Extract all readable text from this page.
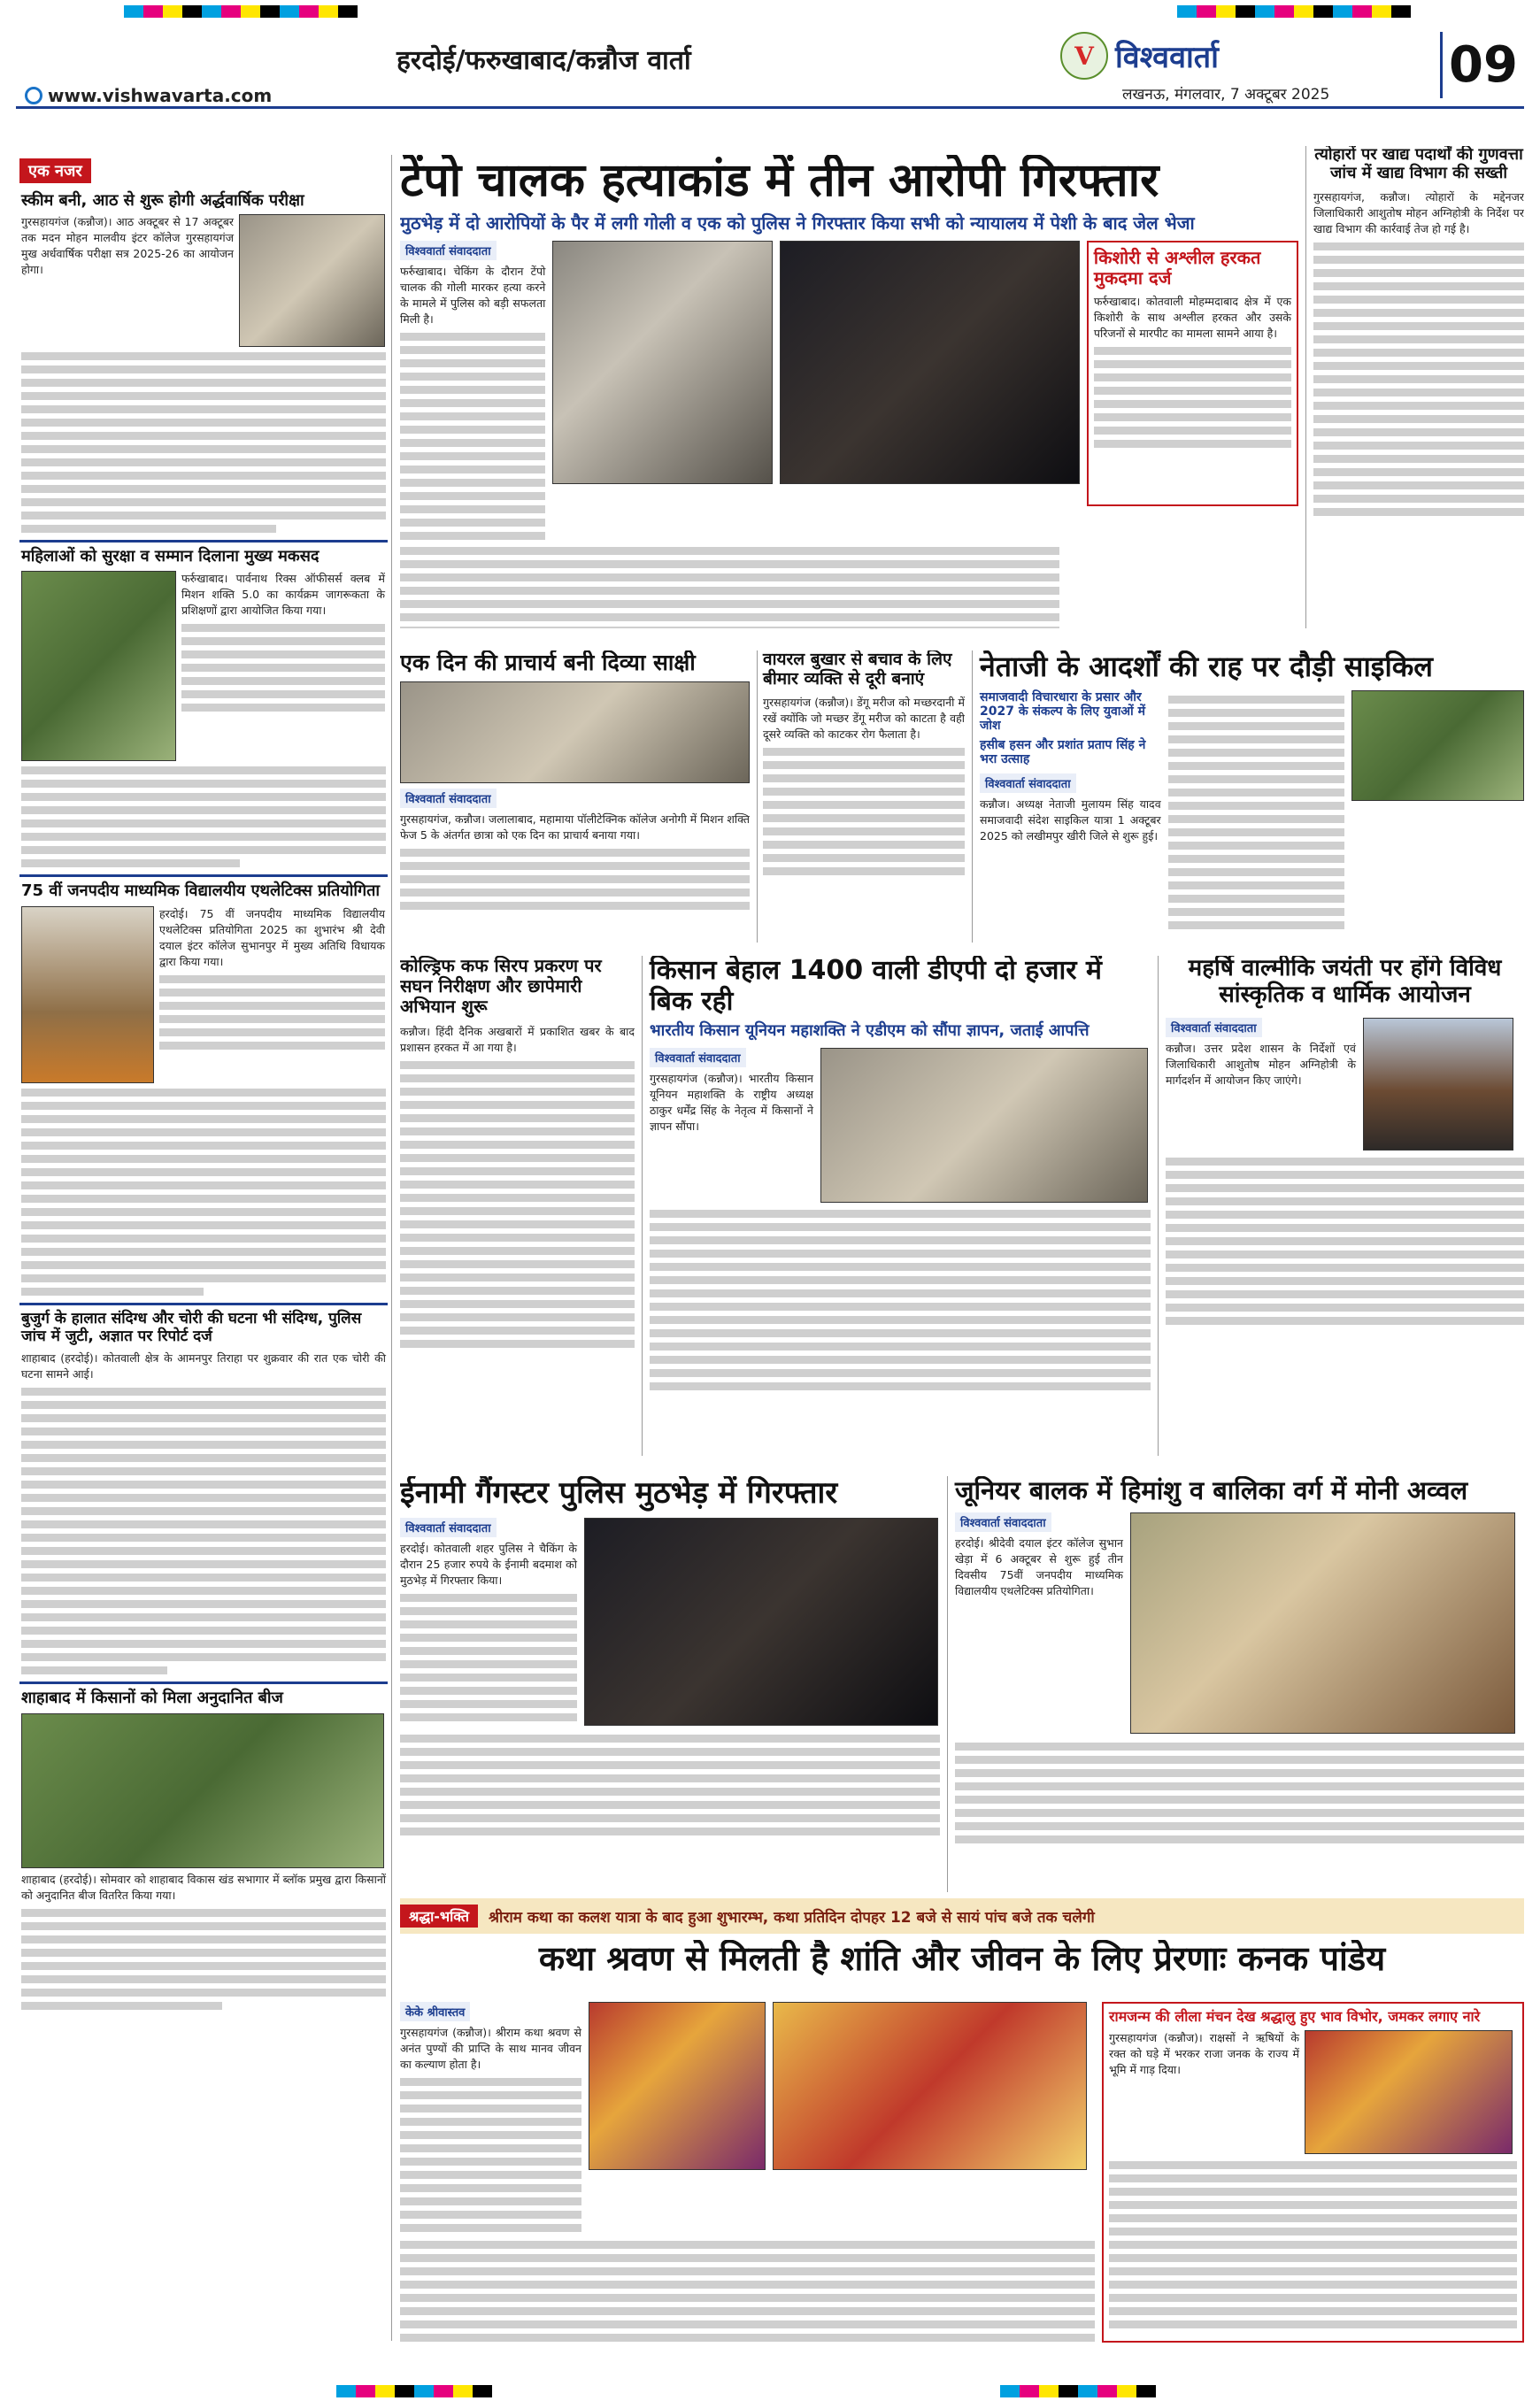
हरदोई/फरुखाबाद/कन्नौज वार्ता
www.vishwavarta.com
V विश्ववार्ता
लखनऊ, मंगलवार, 7 अक्टूबर 2025
09
एक नजर
स्कीम बनी, आठ से शुरू होगी अर्द्धवार्षिक परीक्षा
गुरसहायगंज (कन्नौज)। आठ अक्टूबर से 17 अक्टूबर तक मदन मोहन मालवीय इंटर कॉलेज गुरसहायगंज मुख अर्धवार्षिक परीक्षा सत्र 2025-26 का आयोजन होगा।
महिलाओं को सुरक्षा व सम्मान दिलाना मुख्य मकसद
फर्रुखाबाद। पार्वनाथ रिक्स ऑफीसर्स क्लब में मिशन शक्ति 5.0 का कार्यक्रम जागरूकता के प्रशिक्षणों द्वारा आयोजित किया गया।
75 वीं जनपदीय माध्यमिक विद्यालयीय एथलेटिक्स प्रतियोगिता
हरदोई। 75 वीं जनपदीय माध्यमिक विद्यालयीय एथलेटिक्स प्रतियोगिता 2025 का शुभारंभ श्री देवी दयाल इंटर कॉलेज सुभानपुर में मुख्य अतिथि विधायक द्वारा किया गया।
बुजुर्ग के हालात संदिग्ध और चोरी की घटना भी संदिग्ध, पुलिस जांच में जुटी, अज्ञात पर रिपोर्ट दर्ज
शाहाबाद (हरदोई)। कोतवाली क्षेत्र के आमनपुर तिराहा पर शुक्रवार की रात एक चोरी की घटना सामने आई।
शाहाबाद में किसानों को मिला अनुदानित बीज
शाहाबाद (हरदोई)। सोमवार को शाहाबाद विकास खंड सभागार में ब्लॉक प्रमुख द्वारा किसानों को अनुदानित बीज वितरित किया गया।
टेंपो चालक हत्याकांड में तीन आरोपी गिरफ्तार
मुठभेड़ में दो आरोपियों के पैर में लगी गोली व एक को पुलिस ने गिरफ्तार किया सभी को न्यायालय में पेशी के बाद जेल भेजा
विश्ववार्ता संवाददाता
फर्रुखाबाद। चेकिंग के दौरान टेंपो चालक की गोली मारकर हत्या करने के मामले में पुलिस को बड़ी सफलता मिली है।
किशोरी से अश्लील हरकत मुकदमा दर्ज
फर्रुखाबाद। कोतवाली मोहम्मदाबाद क्षेत्र में एक किशोरी के साथ अश्लील हरकत और उसके परिजनों से मारपीट का मामला सामने आया है।
त्योहारों पर खाद्य पदार्थों की गुणवत्ता जांच में खाद्य विभाग की सख्ती
गुरसहायगंज, कन्नौज। त्योहारों के मद्देनजर जिलाधिकारी आशुतोष मोहन अग्निहोत्री के निर्देश पर खाद्य विभाग की कार्रवाई तेज हो गई है।
एक दिन की प्राचार्य बनी दिव्या साक्षी
विश्ववार्ता संवाददाता
गुरसहायगंज, कन्नौज। जलालाबाद, महामाया पॉलीटेक्निक कॉलेज अनोगी में मिशन शक्ति फेज 5 के अंतर्गत छात्रा को एक दिन का प्राचार्य बनाया गया।
वायरल बुखार से बचाव के लिए बीमार व्यक्ति से दूरी बनाएं
गुरसहायगंज (कन्नौज)। डेंगू मरीज को मच्छरदानी में रखें क्योंकि जो मच्छर डेंगू मरीज को काटता है वही दूसरे व्यक्ति को काटकर रोग फैलाता है।
नेताजी के आदर्शों की राह पर दौड़ी साइकिल
समाजवादी विचारधारा के प्रसार और 2027 के संकल्प के लिए युवाओं में जोश
हसीब हसन और प्रशांत प्रताप सिंह ने भरा उत्साह
विश्ववार्ता संवाददाता
कन्नौज। अध्यक्ष नेताजी मुलायम सिंह यादव समाजवादी संदेश साइकिल यात्रा 1 अक्टूबर 2025 को लखीमपुर खीरी जिले से शुरू हुई।
कोल्ड्रिफ कफ सिरप प्रकरण पर सघन निरीक्षण और छापेमारी अभियान शुरू
कन्नौज। हिंदी दैनिक अखबारों में प्रकाशित खबर के बाद प्रशासन हरकत में आ गया है।
किसान बेहाल 1400 वाली डीएपी दो हजार में बिक रही
भारतीय किसान यूनियन महाशक्ति ने एडीएम को सौंपा ज्ञापन, जताई आपत्ति
विश्ववार्ता संवाददाता
गुरसहायगंज (कन्नौज)। भारतीय किसान यूनियन महाशक्ति के राष्ट्रीय अध्यक्ष ठाकुर धर्मेंद्र सिंह के नेतृत्व में किसानों ने ज्ञापन सौंपा।
महर्षि वाल्मीकि जयंती पर होंगे विविध सांस्कृतिक व धार्मिक आयोजन
विश्ववार्ता संवाददाता
कन्नौज। उत्तर प्रदेश शासन के निर्देशों एवं जिलाधिकारी आशुतोष मोहन अग्निहोत्री के मार्गदर्शन में आयोजन किए जाएंगे।
ईनामी गैंगस्टर पुलिस मुठभेड़ में गिरफ्तार
विश्ववार्ता संवाददाता
हरदोई। कोतवाली शहर पुलिस ने चैकिंग के दौरान 25 हजार रुपये के ईनामी बदमाश को मुठभेड़ में गिरफ्तार किया।
जूनियर बालक में हिमांशु व बालिका वर्ग में मोनी अव्वल
विश्ववार्ता संवाददाता
हरदोई। श्रीदेवी दयाल इंटर कॉलेज सुभान खेड़ा में 6 अक्टूबर से शुरू हुई तीन दिवसीय 75वीं जनपदीय माध्यमिक विद्यालयीय एथलेटिक्स प्रतियोगिता।
श्रद्धा-भक्ति	श्रीराम कथा का कलश यात्रा के बाद हुआ शुभारम्भ, कथा प्रतिदिन दोपहर 12 बजे से सायं पांच बजे तक चलेगी
कथा श्रवण से मिलती है शांति और जीवन के लिए प्रेरणाः कनक पांडेय
केके श्रीवास्तव
गुरसहायगंज (कन्नौज)। श्रीराम कथा श्रवण से अनंत पुण्यों की प्राप्ति के साथ मानव जीवन का कल्याण होता है।
रामजन्म की लीला मंचन देख श्रद्धालु हुए भाव विभोर, जमकर लगाए नारे
गुरसहायगंज (कन्नौज)। राक्षसों ने ऋषियों के रक्त को घड़े में भरकर राजा जनक के राज्य में भूमि में गाड़ दिया।
